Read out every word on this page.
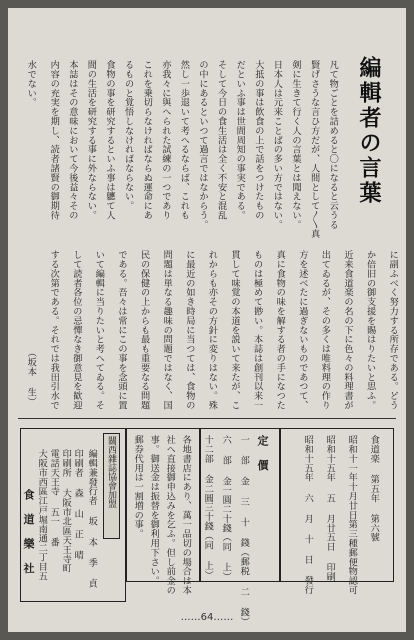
編輯者の言葉
凡て物ごとを詰めると〇になると云うる
賢げさうな言ひ方だが、人間として〳〵真
剣に生きて行く人の言葉とは聞えない。
日本人は元来ことばの多い方ではない。
大抵の事は飲食の上で話をつけたもの
だといふ事は世間周知の事実である。
そして今日の食生活は全く不安と混乱
の中にあるといつて過言ではなからう。
然し一歩退いて考へるならば、これも
亦我々に與へられた試練の一つであり
これを乗切らなければならぬ運命にあ
るものと覚悟しなければならない。
食物の事を研究するといふ事は軈て人
間の生活を研究する事に外ならない。
本誌はその意味において今後益々その
内容の充実を期し、読者諸賢の御期待
に副ふべく努力する所存である。どう
か倍旧の御支援を賜はりたいと思ふ。
近来食道楽の名の下に色々の料理書が
出てゐるが、その多くは唯料理の作り
方を述べたに過ぎないものであつて、
真に食物の味を解する者の手になつた
ものは極めて尠い。本誌は創刊以来一
貫して味覚の本道を説いて来たが、こ
れからも亦その方針に変りはない。殊
に最近の如き時局に当つては、食物の
問題は単なる趣味の問題ではなく、国
民の保健の上からも最も重要なる問題
である。吾々は常にこの事を念頭に置
いて編輯に当りたいと考へてゐる。そ
して読者各位の忌憚なき御意見を歓迎
する次第である。それでは我田引水で
水でない。
（坂本 生）
食道楽 第五年 第六號
昭和十一年十月廿日第三種郵便物認可
昭和十五年 五 月廿五日 印刷
昭和十五年 六 月 十 日 發行
定 價
一 部 金 三 十 錢（郵税 二 錢）
六 部 金一圓二十錢（同 上）
十二部 金二圓三十錢（同 上）
各地書店にあり、萬一品切の場合は本
社へ直接御申込みを乞ふ。但し前金の
事。御送金は振替を御利用下さい。
郵券代用は一割増の事。
關西雜誌協會加盟
編輯兼發行者 坂 本 季 貞
印刷者 森 山 正 晴
印刷所 大阪市北區天王寺町
電話天王寺 五一 番
大阪市西區江戸堀南通二丁目五
食 道 樂 社
……64……
